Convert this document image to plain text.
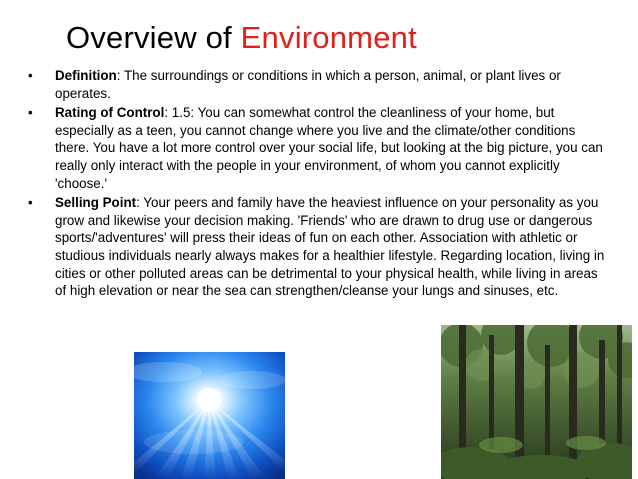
Overview of Environment
•	Definition: The surroundings or conditions in which a person, animal, or plant lives or operates.
•	Rating of Control: 1.5: You can somewhat control the cleanliness of your home, but especially as a teen, you cannot change where you live and the climate/other conditions there. You have a lot more control over your social life, but looking at the big picture, you can really only interact with the people in your environment, of whom you cannot explicitly 'choose.'
•	Selling Point: Your peers and family have the heaviest influence on your personality as you grow and likewise your decision making. 'Friends' who are drawn to drug use or dangerous sports/'adventures' will press their ideas of fun on each other. Association with athletic or studious individuals nearly always makes for a healthier lifestyle. Regarding location, living in cities or other polluted areas can be detrimental to your physical health, while living in areas of high elevation or near the sea can strengthen/cleanse your lungs and sinuses, etc.
